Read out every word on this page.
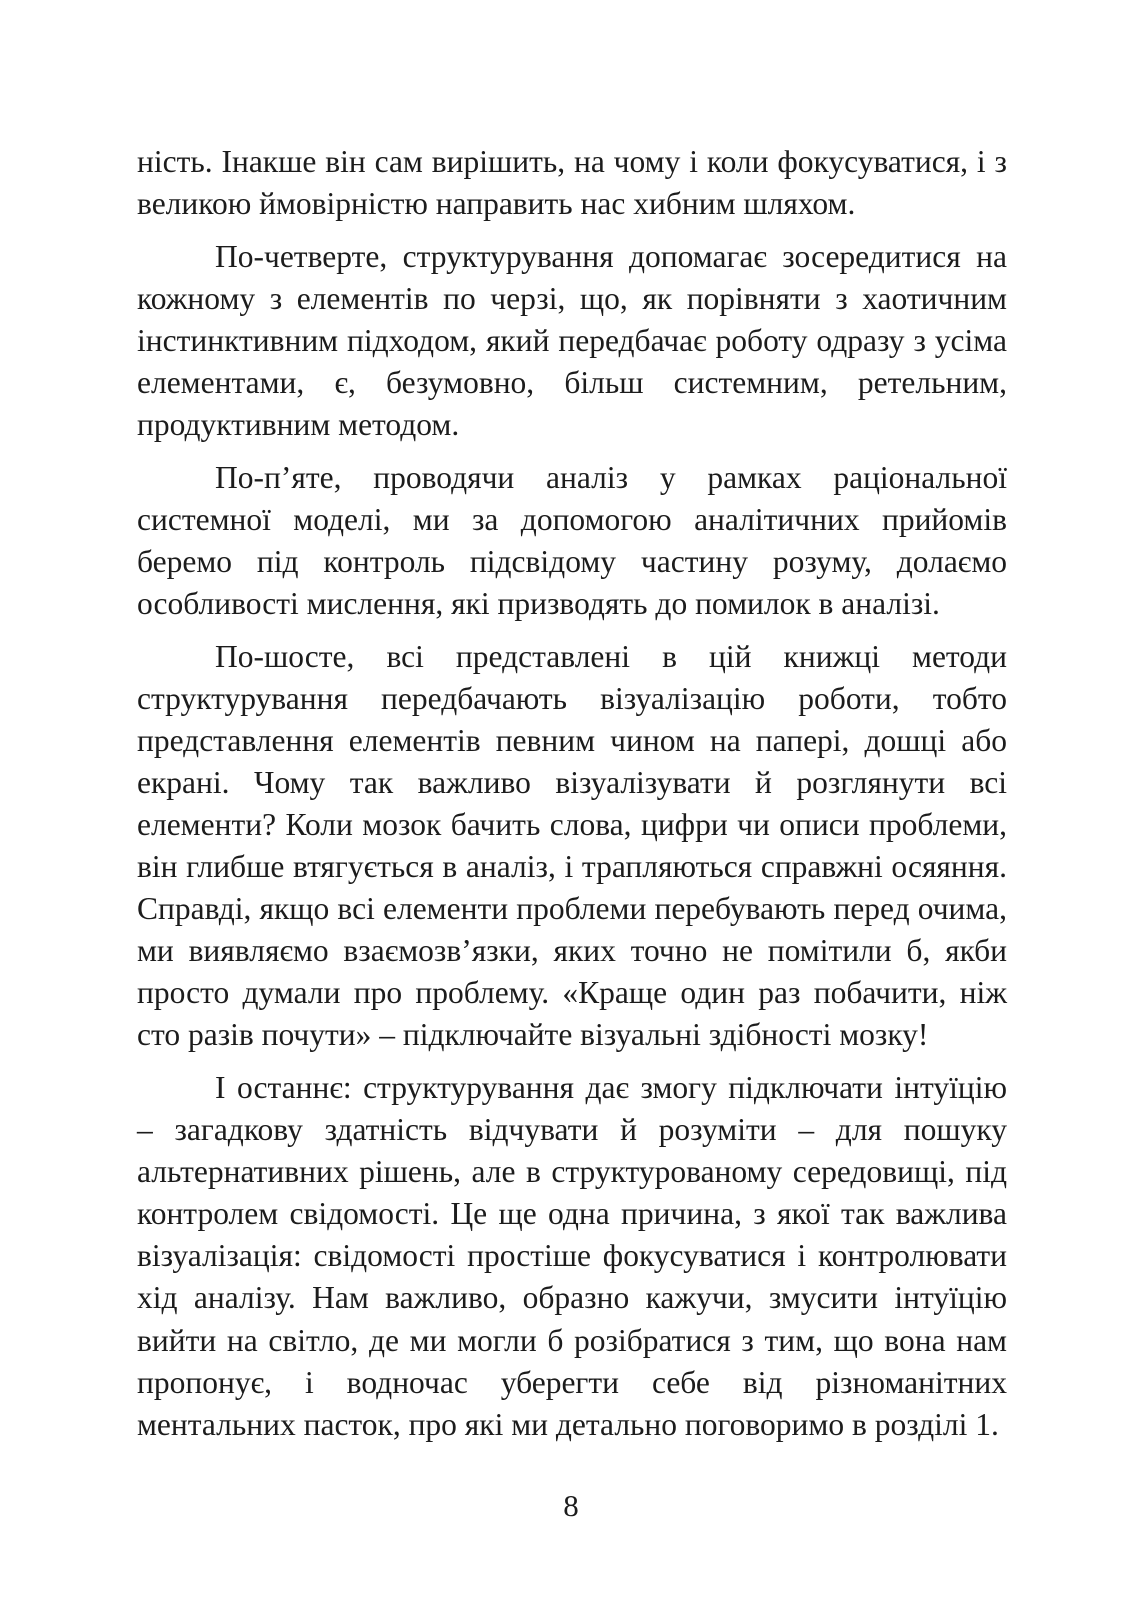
ність. Інакше він сам вирішить, на чому і коли фокусуватися, і з великою ймовірністю направить нас хибним шляхом.

По-четверте, структурування допомагає зосередитися на кожному з елементів по черзі, що, як порівняти з хаотичним інстинктивним підходом, який передбачає роботу одразу з усіма елементами, є, безумовно, більш системним, ретельним, продуктивним методом.

По-п’яте, проводячи аналіз у рамках раціональної системної моделі, ми за допомогою аналітичних прийомів беремо під контроль підсвідому частину розуму, долаємо особливості мислення, які призводять до помилок в аналізі.

По-шосте, всі представлені в цій книжці методи структурування передбачають візуалізацію роботи, тобто представлення елементів певним чином на папері, дошці або екрані. Чому так важливо візуалізувати й розглянути всі елементи? Коли мозок бачить слова, цифри чи описи проблеми, він глибше втягується в аналіз, і трапляються справжні осяяння. Справді, якщо всі елементи проблеми перебувають перед очима, ми виявляємо взаємозв’язки, яких точно не помітили б, якби просто думали про проблему. «Краще один раз побачити, ніж сто разів почути» – підключайте візуальні здібності мозку!

І останнє: структурування дає змогу підключати інтуїцію – загадкову здатність відчувати й розуміти – для пошуку альтернативних рішень, але в структурованому середовищі, під контролем свідомості. Це ще одна причина, з якої так важлива візуалізація: свідомості простіше фокусуватися і контролювати хід аналізу. Нам важливо, образно кажучи, змусити інтуїцію вийти на світло, де ми могли б розібратися з тим, що вона нам пропонує, і водночас уберегти себе від різноманітних ментальних пасток, про які ми детально поговоримо в розділі 1.

8
